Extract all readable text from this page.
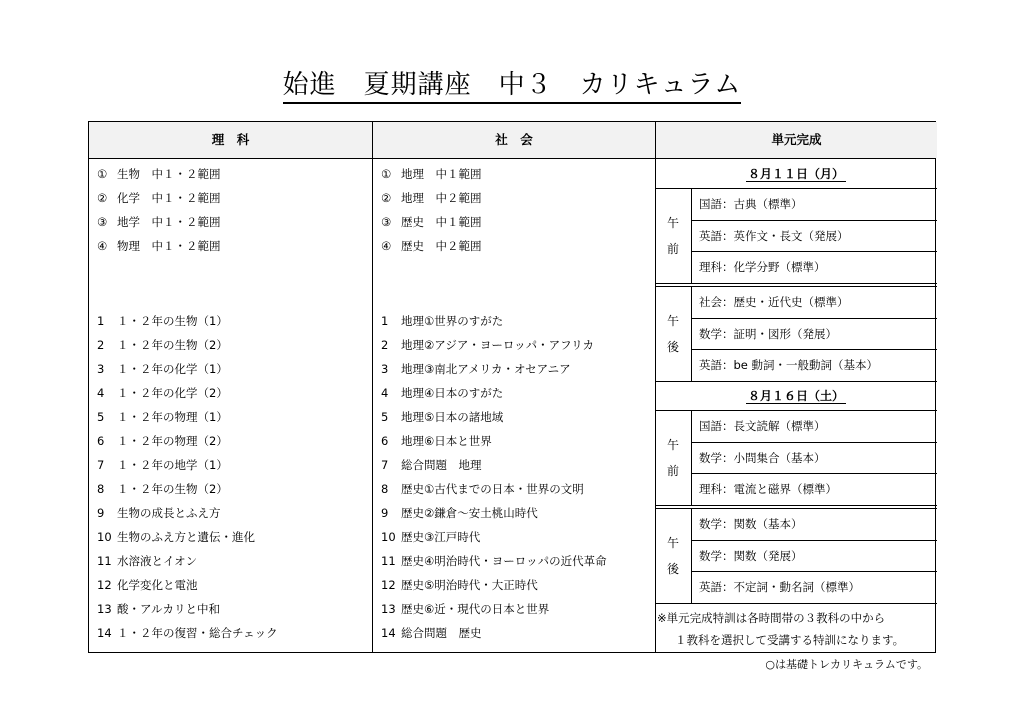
始進　夏期講座　中３　カリキュラム
理　科	社　会	単元完成
① 生物　中１・２範囲
② 化学　中１・２範囲
③ 地学　中１・２範囲
④ 物理　中１・２範囲
① 地理　中１範囲
② 地理　中２範囲
③ 歴史　中１範囲
④ 歴史　中２範囲
1 １・２年の生物（1）
2 １・２年の生物（2）
3 １・２年の化学（1）
4 １・２年の化学（2）
5 １・２年の物理（1）
6 １・２年の物理（2）
7 １・２年の地学（1）
8 １・２年の生物（2）
9 生物の成長とふえ方
10 生物のふえ方と遺伝・進化
11 水溶液とイオン
12 化学変化と電池
13 酸・アルカリと中和
14 １・２年の復習・総合チェック
1 地理①世界のすがた
2 地理②アジア・ヨーロッパ・アフリカ
3 地理③南北アメリカ・オセアニア
4 地理④日本のすがた
5 地理⑤日本の諸地域
6 地理⑥日本と世界
7 総合問題　地理
8 歴史①古代までの日本・世界の文明
9 歴史②鎌倉～安土桃山時代
10 歴史③江戸時代
11 歴史④明治時代・ヨーロッパの近代革命
12 歴史⑤明治時代・大正時代
13 歴史⑥近・現代の日本と世界
14 総合問題　歴史
８月１１日（月）
午
前
国語：古典（標準）
英語：英作文・長文（発展）
理科：化学分野（標準）
午
後
社会：歴史・近代史（標準）
数学：証明・図形（発展）
英語：be 動詞・一般動詞（基本）
８月１６日（土）
午
前
国語：長文読解（標準）
数学：小問集合（基本）
理科：電流と磁界（標準）
午
後
数学：関数（基本）
数学：関数（発展）
英語：不定詞・動名詞（標準）
※単元完成特訓は各時間帯の３教科の中から
１教科を選択して受講する特訓になります。
○は基礎トレカリキュラムです。
